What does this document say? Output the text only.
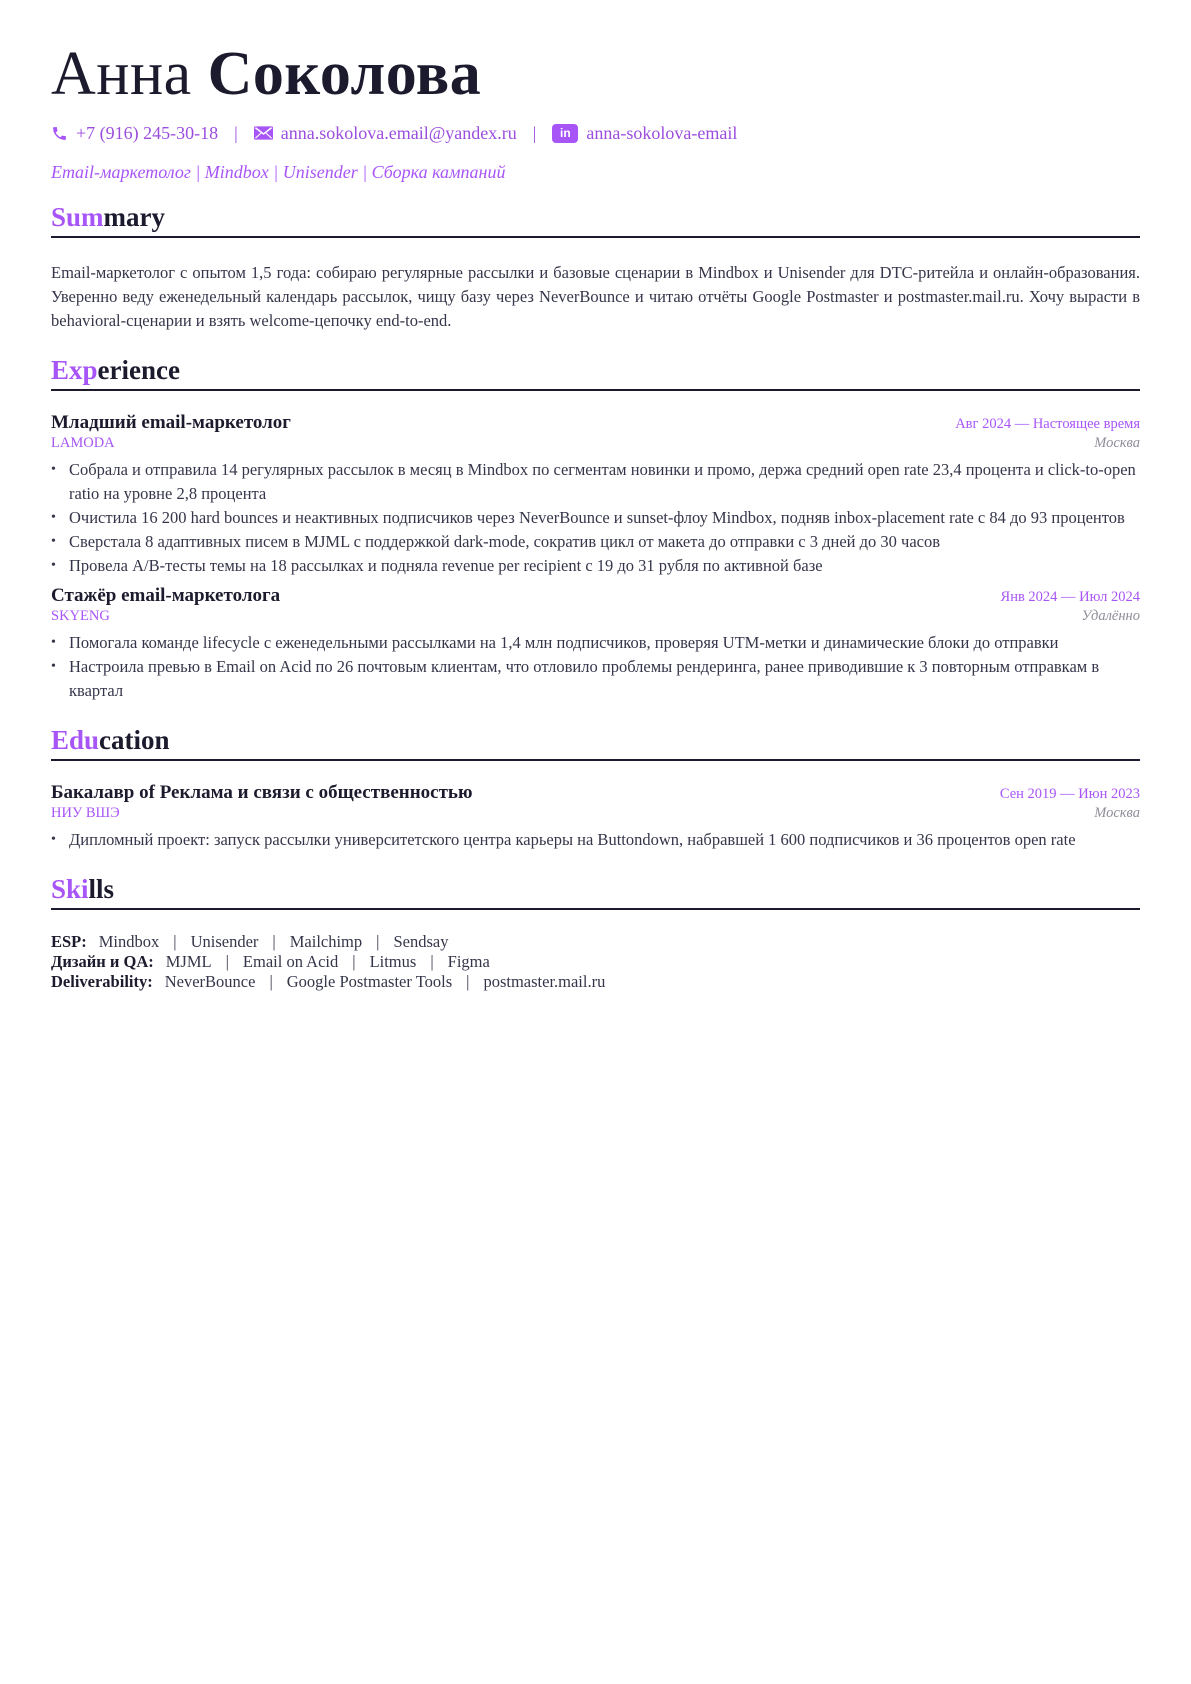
Анна Соколова
+7 (916) 245-30-18 | anna.sokolova.email@yandex.ru |	in anna-sokolova-email
Email-маркетолог | Mindbox | Unisender | Сборка кампаний
Summary

Email-маркетолог с опытом 1,5 года: собираю регулярные рассылки и базовые сценарии в Mindbox и Unisender для DTC-ритейла и онлайн-образования. Уверенно веду еженедельный календарь рассылок, чищу базу через NeverBounce и читаю отчёты Google Postmaster и postmaster.mail.ru. Хочу вырасти в behavioral-сценарии и взять welcome-цепочку end-to-end.

Experience
Младший email-маркетолог	Авг 2024 — Настоящее время
LAMODA	Москва
• Собрала и отправила 14 регулярных рассылок в месяц в Mindbox по сегментам новинки и промо, держа средний open rate 23,4 процента и click-to-open ratio на уровне 2,8 процента
• Очистила 16 200 hard bounces и неактивных подписчиков через NeverBounce и sunset-флоу Mindbox, подняв inbox-placement rate с 84 до 93 процентов
• Сверстала 8 адаптивных писем в MJML с поддержкой dark-mode, сократив цикл от макета до отправки с 3 дней до 30 часов
• Провела A/B-тесты темы на 18 рассылках и подняла revenue per recipient с 19 до 31 рубля по активной базе
Стажёр email-маркетолога	Янв 2024 — Июл 2024
SKYENG	Удалённо
• Помогала команде lifecycle с еженедельными рассылками на 1,4 млн подписчиков, проверяя UTM-метки и динамические блоки до отправки
• Настроила превью в Email on Acid по 26 почтовым клиентам, что отловило проблемы рендеринга, ранее приводившие к 3 повторным отправкам в квартал
Education
Бакалавр of Реклама и связи с общественностью	Сен 2019 — Июн 2023
НИУ ВШЭ	Москва
• Дипломный проект: запуск рассылки университетского центра карьеры на Buttondown, набравшей 1 600 подписчиков и 36 процентов open rate
Skills
ESP: Mindbox | Unisender | Mailchimp | Sendsay
Дизайн и QA: MJML | Email on Acid | Litmus | Figma
Deliverability: NeverBounce | Google Postmaster Tools | postmaster.mail.ru
